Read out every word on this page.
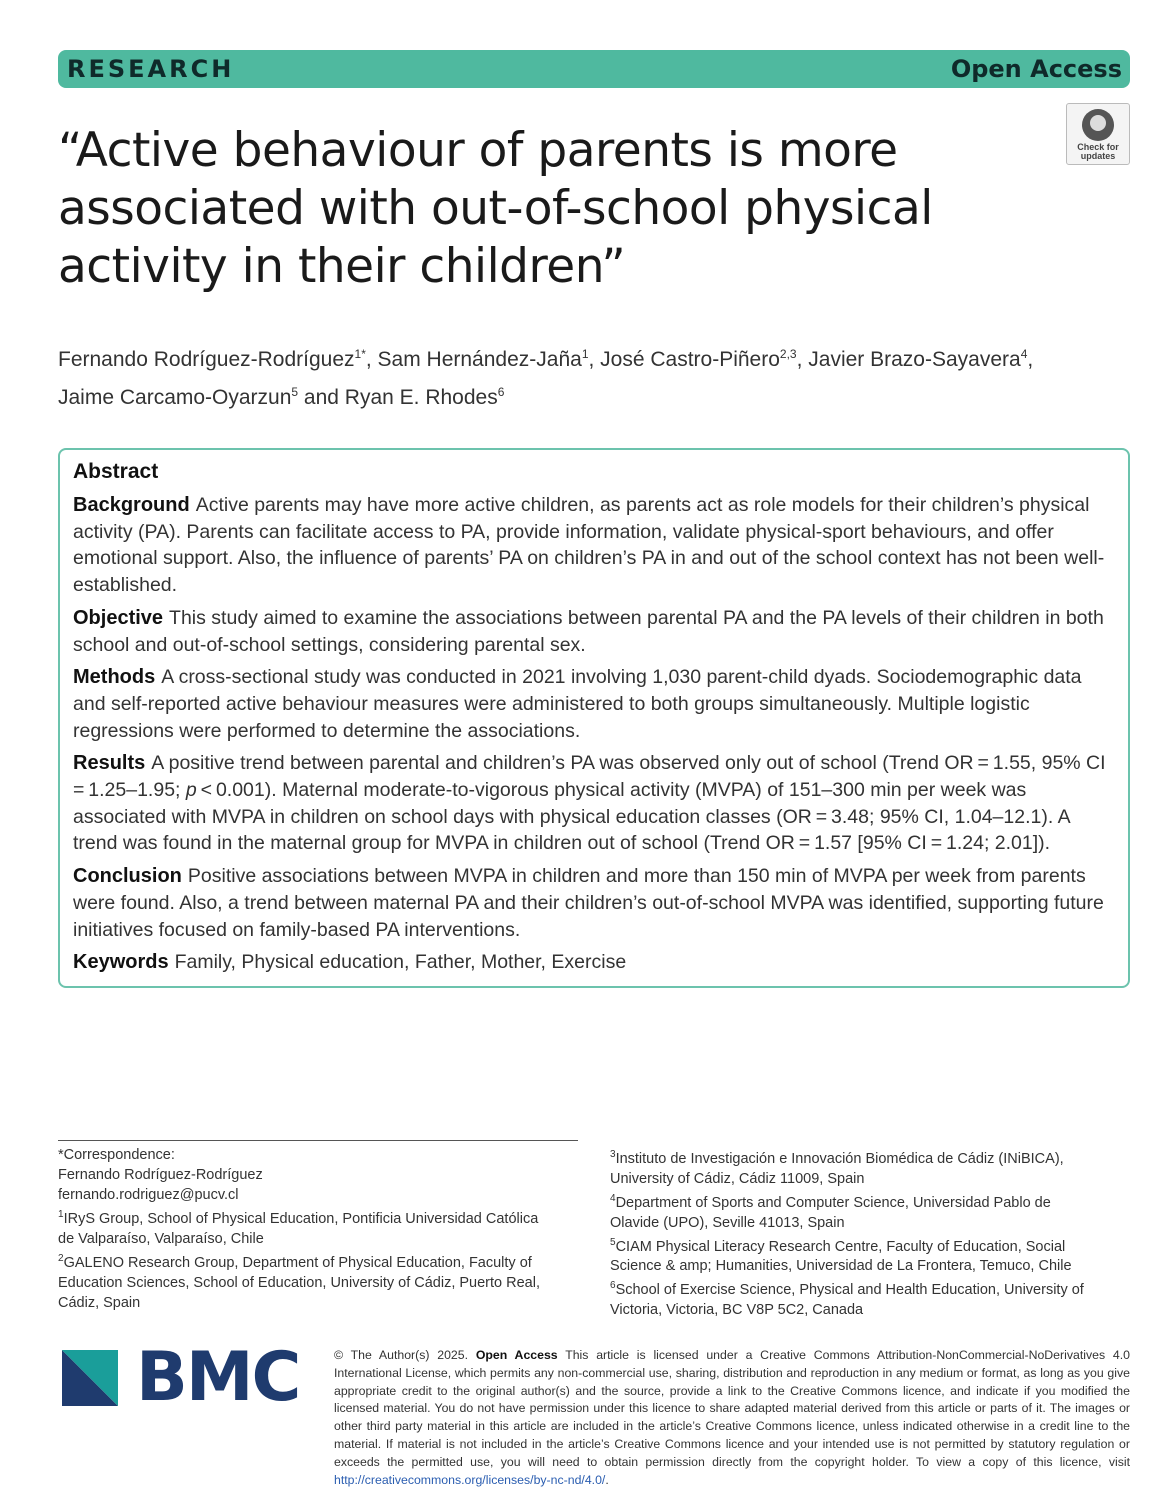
RESEARCH	Open Access
Check for
updates
“Active behaviour of parents is more associated with out-of-school physical activity in their children”
Fernando Rodríguez-Rodríguez$^{1*}$, Sam Hernández-Jaña$^1$, José Castro-Piñero$^{2,3}$, Javier Brazo-Sayavera$^4$,
Jaime Carcamo-Oyarzun$^5$ and Ryan E. Rhodes$^6$
Abstract

Background Active parents may have more active children, as parents act as role models for their children’s physical activity (PA). Parents can facilitate access to PA, provide information, validate physical-sport behaviours, and offer emotional support. Also, the influence of parents’ PA on children’s PA in and out of the school context has not been well-established.

Objective This study aimed to examine the associations between parental PA and the PA levels of their children in both school and out-of-school settings, considering parental sex.

Methods A cross-sectional study was conducted in 2021 involving 1,030 parent-child dyads. Sociodemographic data and self-reported active behaviour measures were administered to both groups simultaneously. Multiple logistic regressions were performed to determine the associations.

Results A positive trend between parental and children’s PA was observed only out of school (Trend OR = 1.55, 95% CI = 1.25–1.95; p < 0.001). Maternal moderate-to-vigorous physical activity (MVPA) of 151–300 min per week was associated with MVPA in children on school days with physical education classes (OR = 3.48; 95% CI, 1.04–12.1). A trend was found in the maternal group for MVPA in children out of school (Trend OR = 1.57 [95% CI = 1.24; 2.01]).

Conclusion Positive associations between MVPA in children and more than 150 min of MVPA per week from parents were found. Also, a trend between maternal PA and their children’s out-of-school MVPA was identified, supporting future initiatives focused on family-based PA interventions.

Keywords Family, Physical education, Father, Mother, Exercise

*Correspondence:
Fernando Rodríguez-Rodríguez
fernando.rodriguez@pucv.cl
$^1$IRyS Group, School of Physical Education, Pontificia Universidad Católica de Valparaíso, Valparaíso, Chile
$^2$GALENO Research Group, Department of Physical Education, Faculty of Education Sciences, School of Education, University of Cádiz, Puerto Real, Cádiz, Spain
$^3$Instituto de Investigación e Innovación Biomédica de Cádiz (INiBICA), University of Cádiz, Cádiz 11009, Spain
$^4$Department of Sports and Computer Science, Universidad Pablo de Olavide (UPO), Seville 41013, Spain
$^5$CIAM Physical Literacy Research Centre, Faculty of Education, Social Science & amp; Humanities, Universidad de La Frontera, Temuco, Chile
$^6$School of Exercise Science, Physical and Health Education, University of Victoria, Victoria, BC V8P 5C2, Canada
BMC	© The Author(s) 2025. Open Access This article is licensed under a Creative Commons Attribution-NonCommercial-NoDerivatives 4.0 International License, which permits any non-commercial use, sharing, distribution and reproduction in any medium or format, as long as you give appropriate credit to the original author(s) and the source, provide a link to the Creative Commons licence, and indicate if you modified the licensed material. You do not have permission under this licence to share adapted material derived from this article or parts of it. The images or other third party material in this article are included in the article’s Creative Commons licence, unless indicated otherwise in a credit line to the material. If material is not included in the article’s Creative Commons licence and your intended use is not permitted by statutory regulation or exceeds the permitted use, you will need to obtain permission directly from the copyright holder. To view a copy of this licence, visit http://creativecommons.org/licenses/by-nc-nd/4.0/.
